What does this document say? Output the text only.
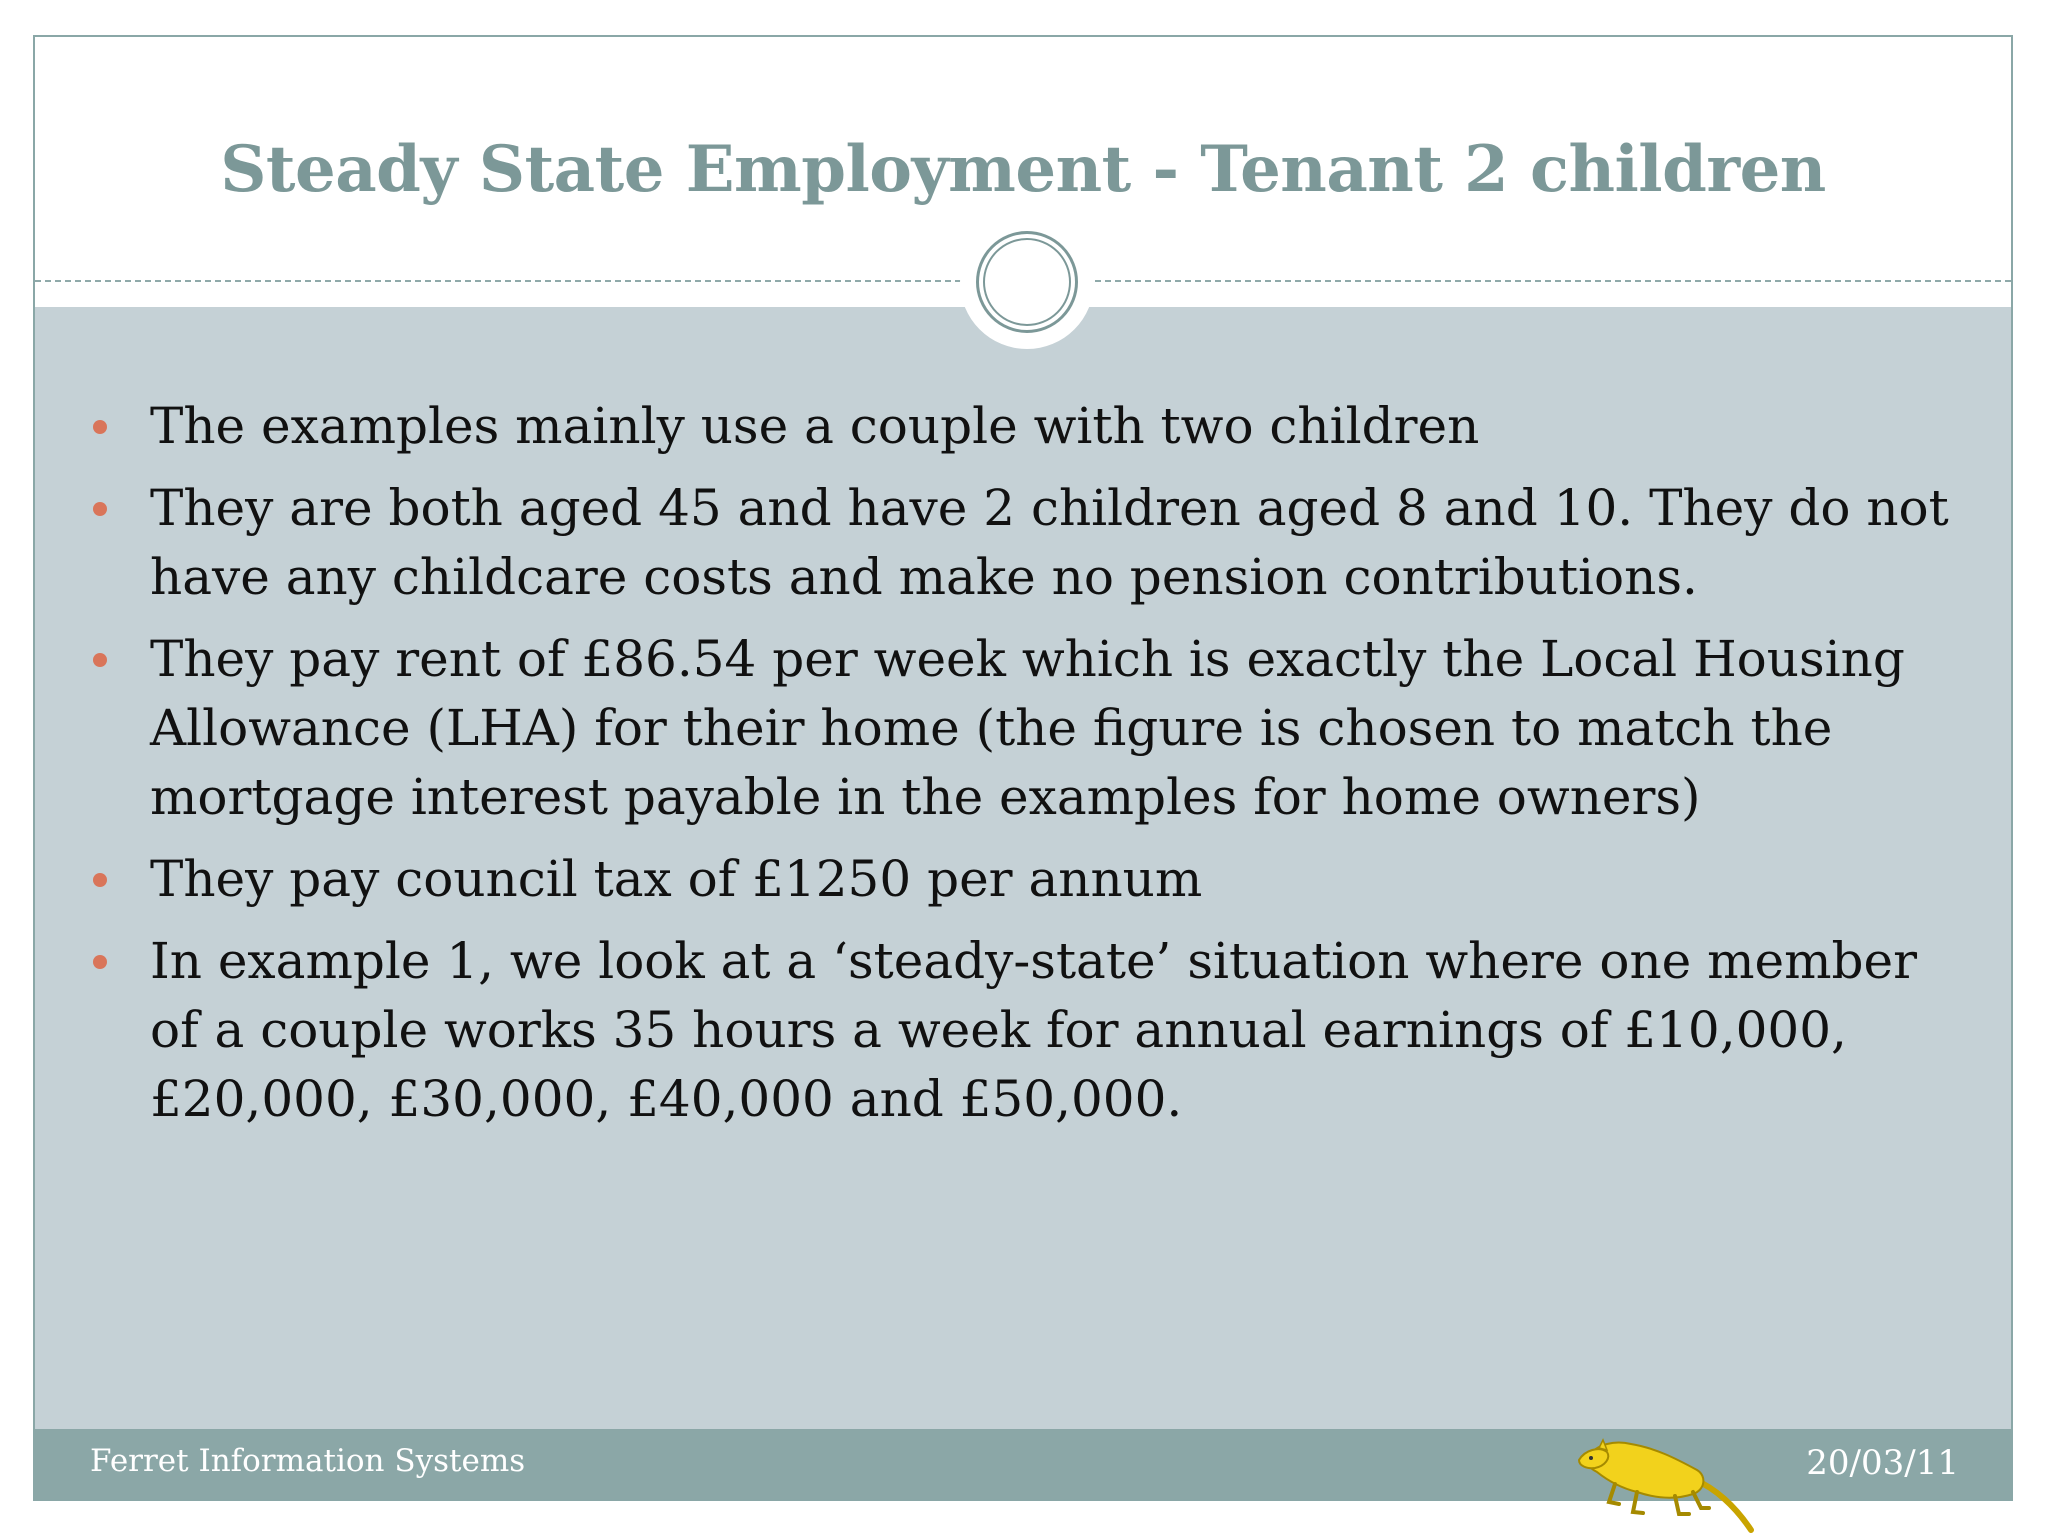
Steady State Employment - Tenant 2 children
The examples mainly use a couple with two children
They are both aged 45 and have 2 children aged 8 and 10. They do not have any childcare costs and make no pension contributions.
They pay rent of £86.54 per week which is exactly the Local Housing Allowance (LHA) for their home (the figure is chosen to match the mortgage interest payable in the examples for home owners)
They pay council tax of £1250 per annum
In example 1, we look at a ‘steady-state’ situation where one member of a couple works 35 hours a week for annual earnings of £10,000, £20,000, £30,000, £40,000 and £50,000.
Ferret Information Systems	20/03/11
